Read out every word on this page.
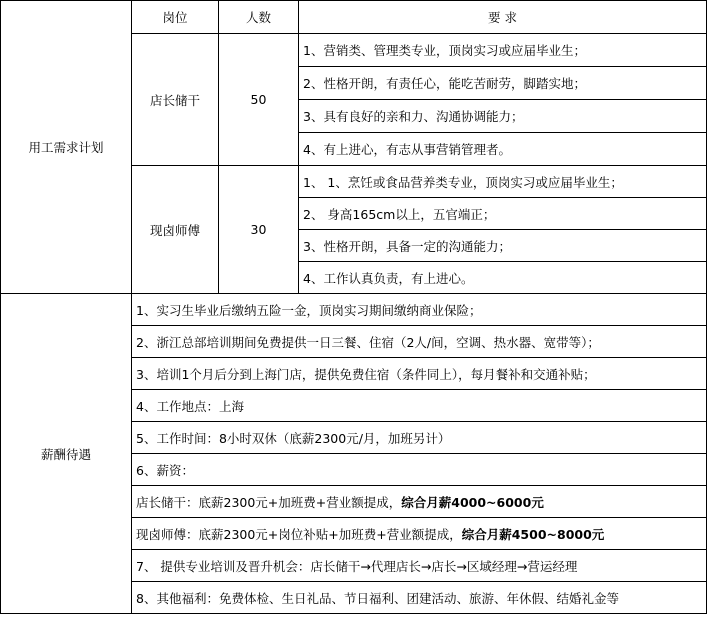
用工需求计划	岗位	人数	要 求
	店长储干	50	1、营销类、管理类专业，顶岗实习或应届毕业生；
			2、性格开朗，有责任心，能吃苦耐劳，脚踏实地；
			3、具有良好的亲和力、沟通协调能力；
			4、有上进心，有志从事营销管理者。
	现卤师傅	30	1、 1、烹饪或食品营养类专业，顶岗实习或应届毕业生；
			2、 身高165cm以上，五官端正；
			3、性格开朗，具备一定的沟通能力；
			4、工作认真负责，有上进心。
薪酬待遇	1、实习生毕业后缴纳五险一金，顶岗实习期间缴纳商业保险；		
	2、浙江总部培训期间免费提供一日三餐、住宿（2人/间，空调、热水器、宽带等）；		
	3、培训1个月后分到上海门店，提供免费住宿（条件同上），每月餐补和交通补贴；		
	4、工作地点：上海		
	5、工作时间：8小时双休（底薪2300元/月，加班另计）		
	6、薪资：		
	店长储干：底薪2300元+加班费+营业额提成，综合月薪4000~6000元		
	现卤师傅：底薪2300元+岗位补贴+加班费+营业额提成，综合月薪4500~8000元		
	7、 提供专业培训及晋升机会：店长储干→代理店长→店长→区域经理→营运经理		
	8、其他福利：免费体检、生日礼品、节日福利、团建活动、旅游、年休假、结婚礼金等		
